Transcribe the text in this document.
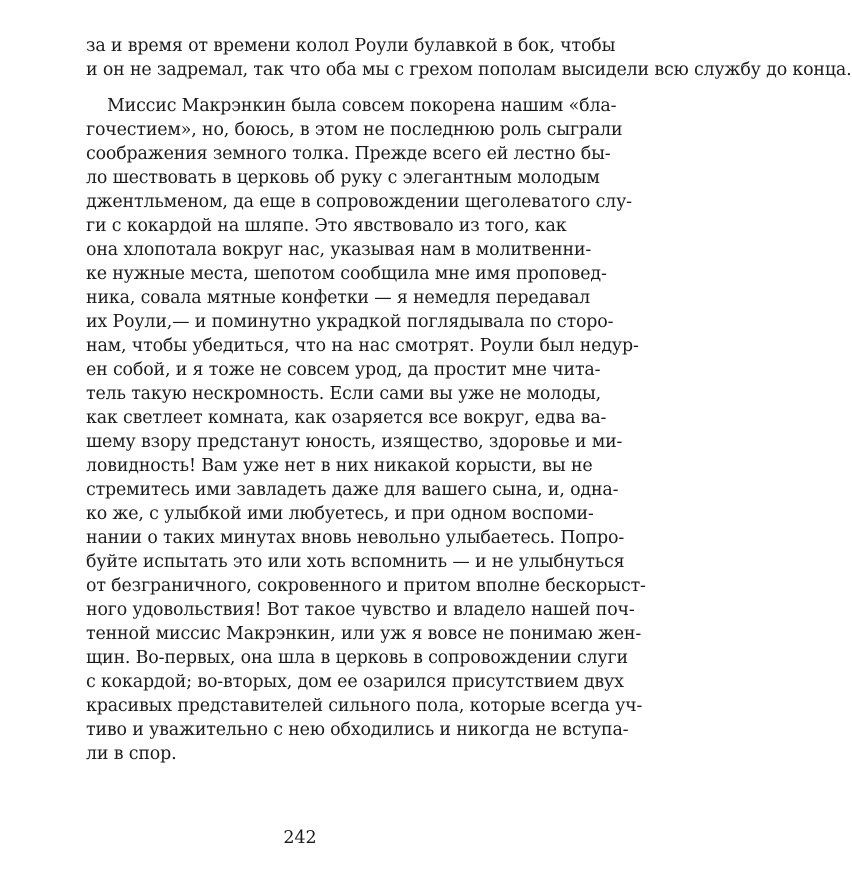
за и время от времени колол Роули булавкой в бок, чтобы
и он не задремал, так что оба мы с грехом пополам высидели всю службу до конца.
Миссис Макрэнкин была совсем покорена нашим «бла-
гочестием», но, боюсь, в этом не последнюю роль сыграли
соображения земного толка. Прежде всего ей лестно бы-
ло шествовать в церковь об руку с элегантным молодым
джентльменом, да еще в сопровождении щеголеватого слу-
ги с кокардой на шляпе. Это явствовало из того, как
она хлопотала вокруг нас, указывая нам в молитвенни-
ке нужные места, шепотом сообщила мне имя проповед-
ника, совала мятные конфетки — я немедля передавал
их Роули,— и поминутно украдкой поглядывала по сторо-
нам, чтобы убедиться, что на нас смотрят. Роули был недур-
ен собой, и я тоже не совсем урод, да простит мне чита-
тель такую нескромность. Если сами вы уже не молоды,
как светлеет комната, как озаряется все вокруг, едва ва-
шему взору предстанут юность, изящество, здоровье и ми-
ловидность! Вам уже нет в них никакой корысти, вы не
стремитесь ими завладеть даже для вашего сына, и, одна-
ко же, с улыбкой ими любуетесь, и при одном воспоми-
нании о таких минутах вновь невольно улыбаетесь. Попро-
буйте испытать это или хоть вспомнить — и не улыбнуться
от безграничного, сокровенного и притом вполне бескорыст-
ного удовольствия! Вот такое чувство и владело нашей поч-
тенной миссис Макрэнкин, или уж я вовсе не понимаю жен-
щин. Во-первых, она шла в церковь в сопровождении слуги
с кокардой; во-вторых, дом ее озарился присутствием двух
красивых представителей сильного пола, которые всегда уч-
тиво и уважительно с нею обходились и никогда не вступа-
ли в спор.
242
